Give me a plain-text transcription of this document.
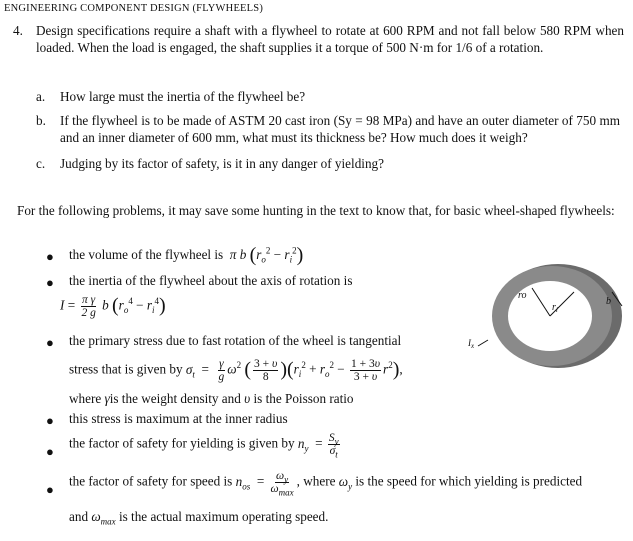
ENGINEERING COMPONENT DESIGN (FLYWHEELS)
4. Design specifications require a shaft with a flywheel to rotate at 600 RPM and not fall below 580 RPM when loaded. When the load is engaged, the shaft supplies it a torque of 500 N·m for 1/6 of a rotation.
a. How large must the inertia of the flywheel be?
b. If the flywheel is to be made of ASTM 20 cast iron (Sy = 98 MPa) and have an outer diameter of 750 mm and an inner diameter of 600 mm, what must its thickness be? How much does it weigh?
c. Judging by its factor of safety, is it in any danger of yielding?
For the following problems, it may save some hunting in the text to know that, for basic wheel-shaped flywheels:
● the volume of the flywheel is  π b $(r_o^2 - r_i^2)$
● the inertia of the flywheel about the axis of rotation is
$I = \frac{\text{π γ}}{2 g}$ b $(r_o^4 - r_i^4)$
● the primary stress due to fast rotation of the wheel is tangential
stress that is given by $\sigma_t = \frac{\gamma}{g} \omega^2$ ( $\frac{3 + \upsilon}{8} )(r_i^2 + r_o^2 - \frac{1 + 3\upsilon}{3 + \upsilon} r^2)$,
where γis the weight density and υ is the Poisson ratio
● this stress is maximum at the inner radius
●
the factor of safety for yielding is given by $n_y = \frac{S_y}{\sigma_t}$
●
the factor of safety for speed is $n_{os} = \frac{\omega_y}{\omega_{max}}$ , where $\omega_y$ is the speed for which yielding is predicted
and $\omega_{max}$ is the actual maximum operating speed.
ro
$r_i$
b
$I_x$
